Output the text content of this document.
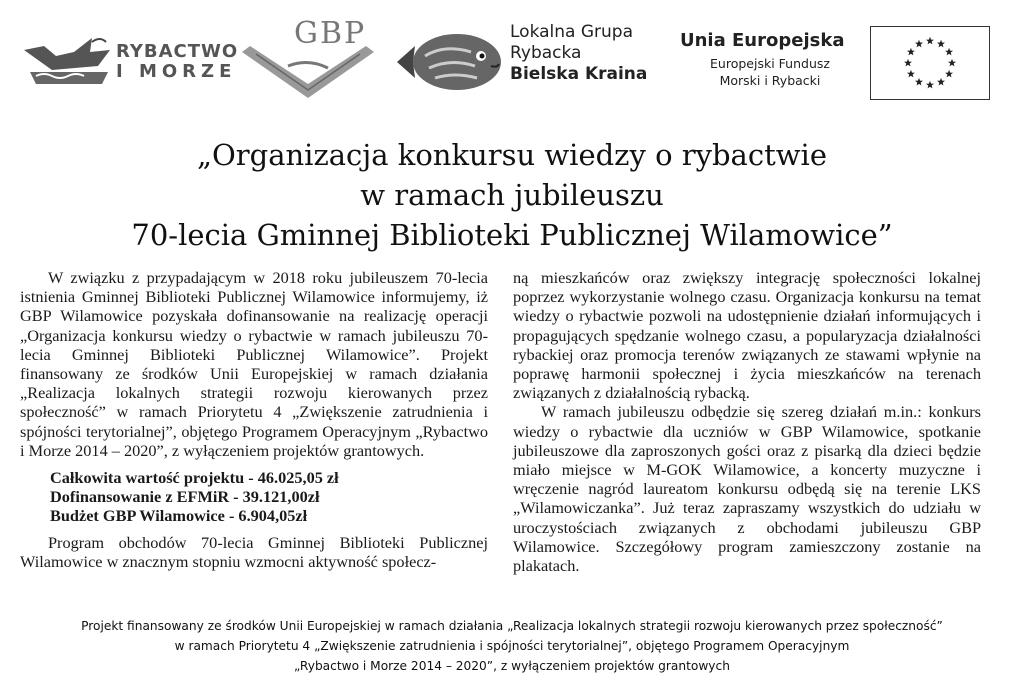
RYBACTWO
I MORZE
GBP	Lokalna Grupa
Rybacka
Bielska Kraina
Unia Europejska
Europejski Fundusz
Morski i Rybacki
„Organizacja konkursu wiedzy o rybactwie
w ramach jubileuszu
70-lecia Gminnej Biblioteki Publicznej Wilamowice”

W związku z przypadającym w 2018 roku jubileuszem 70-lecia istnienia Gminnej Biblioteki Publicznej Wilamowice informujemy, iż GBP Wilamowice pozyskała dofinansowanie na realizację operacji „Organizacja konkursu wiedzy o rybactwie w ramach jubileuszu 70-lecia Gminnej Biblioteki Publicznej Wilamowice”. Projekt finansowany ze środków Unii Europejskiej w ramach działania „Realizacja lokalnych strategii rozwoju kierowanych przez społeczność” w ramach Priorytetu 4 „Zwiększenie zatrudnienia i spójności terytorialnej”, objętego Programem Operacyjnym „Rybactwo i Morze 2014 – 2020”, z wyłączeniem projektów grantowych.

Całkowita wartość projektu - 46.025,05 zł
Dofinansowanie z EFMiR - 39.121,00zł
Budżet GBP Wilamowice - 6.904,05zł

Program obchodów 70-lecia Gminnej Biblioteki Publicznej Wilamowice w znacznym stopniu wzmocni aktywność społecz-

ną mieszkańców oraz zwiększy integrację społeczności lokalnej poprzez wykorzystanie wolnego czasu. Organizacja konkursu na temat wiedzy o rybactwie pozwoli na udostępnienie działań informujących i propagujących spędzanie wolnego czasu, a popularyzacja działalności rybackiej oraz promocja terenów związanych ze stawami wpłynie na poprawę harmonii społecznej i życia mieszkańców na terenach związanych z działalnością rybacką.

W ramach jubileuszu odbędzie się szereg działań m.in.: konkurs wiedzy o rybactwie dla uczniów w GBP Wilamowice, spotkanie jubileuszowe dla zaproszonych gości oraz z pisarką dla dzieci będzie miało miejsce w M-GOK Wilamowice, a koncerty muzyczne i wręczenie nagród laureatom konkursu odbędą się na terenie LKS „Wilamowiczanka”. Już teraz zapraszamy wszystkich do udziału w uroczystościach związanych z obchodami jubileuszu GBP Wilamowice. Szczegółowy program zamieszczony zostanie na plakatach.

Projekt finansowany ze środków Unii Europejskiej w ramach działania „Realizacja lokalnych strategii rozwoju kierowanych przez społeczność”
w ramach Priorytetu 4 „Zwiększenie zatrudnienia i spójności terytorialnej”, objętego Programem Operacyjnym
„Rybactwo i Morze 2014 – 2020”, z wyłączeniem projektów grantowych
